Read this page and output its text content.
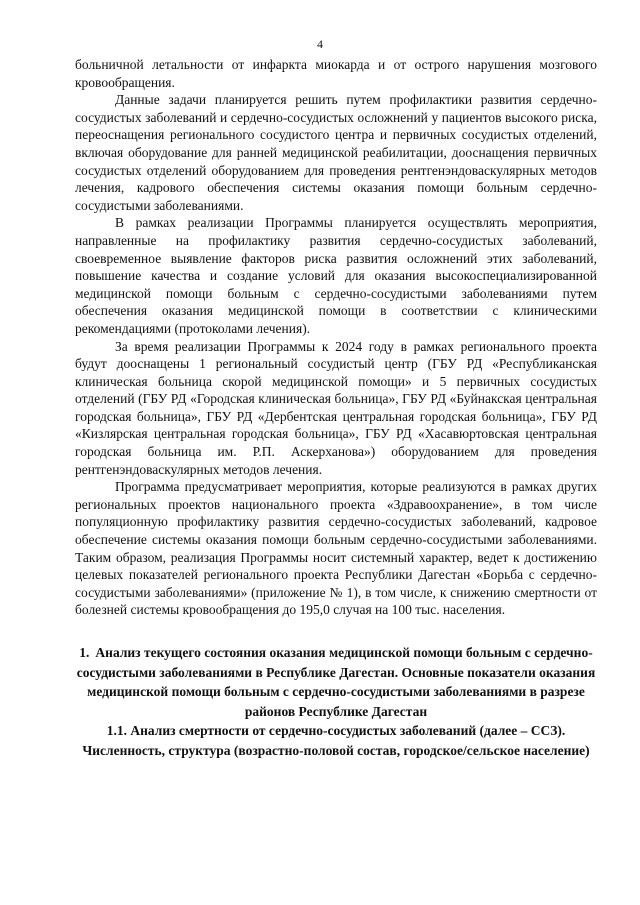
4

больничной летальности от инфаркта миокарда и от острого нарушения мозгового кровообращения.

Данные задачи планируется решить путем профилактики развития сердечно-сосудистых заболеваний и сердечно-сосудистых осложнений у пациентов высокого риска, переоснащения регионального сосудистого центра и первичных сосудистых отделений, включая оборудование для ранней медицинской реабилитации, дооснащения первичных сосудистых отделений оборудованием для проведения рентгенэндоваскулярных методов лечения, кадрового обеспечения системы оказания помощи больным сердечно-сосудистыми заболеваниями.

В рамках реализации Программы планируется осуществлять мероприятия, направленные на профилактику развития сердечно-сосудистых заболеваний, своевременное выявление факторов риска развития осложнений этих заболеваний, повышение качества и создание условий для оказания высокоспециализированной медицинской помощи больным с сердечно-сосудистыми заболеваниями путем обеспечения оказания медицинской помощи в соответствии с клиническими рекомендациями (протоколами лечения).

За время реализации Программы к 2024 году в рамках регионального проекта будут дооснащены 1 региональный сосудистый центр (ГБУ РД «Республиканская клиническая больница скорой медицинской помощи» и 5 первичных сосудистых отделений (ГБУ РД «Городская клиническая больница», ГБУ РД «Буйнакская центральная городская больница», ГБУ РД «Дербентская центральная городская больница», ГБУ РД «Кизлярская центральная городская больница», ГБУ РД «Хасавюртовская центральная городская больница им. Р.П. Аскерханова») оборудованием для проведения рентгенэндоваскулярных методов лечения.

Программа предусматривает мероприятия, которые реализуются в рамках других региональных проектов национального проекта «Здравоохранение», в том числе популяционную профилактику развития сердечно-сосудистых заболеваний, кадровое обеспечение системы оказания помощи больным сердечно-сосудистыми заболеваниями. Таким образом, реализация Программы носит системный характер, ведет к достижению целевых показателей регионального проекта Республики Дагестан «Борьба с сердечно-сосудистыми заболеваниями» (приложение № 1), в том числе, к снижению смертности от болезней системы кровообращения до 195,0 случая на 100 тыс. населения.

1. Анализ текущего состояния оказания медицинской помощи больным с сердечно-сосудистыми заболеваниями в Республике Дагестан. Основные показатели оказания медицинской помощи больным с сердечно-сосудистыми заболеваниями в разрезе районов Республике Дагестан

1.1. Анализ смертности от сердечно-сосудистых заболеваний (далее – ССЗ). Численность, структура (возрастно-половой состав, городское/сельское население)
